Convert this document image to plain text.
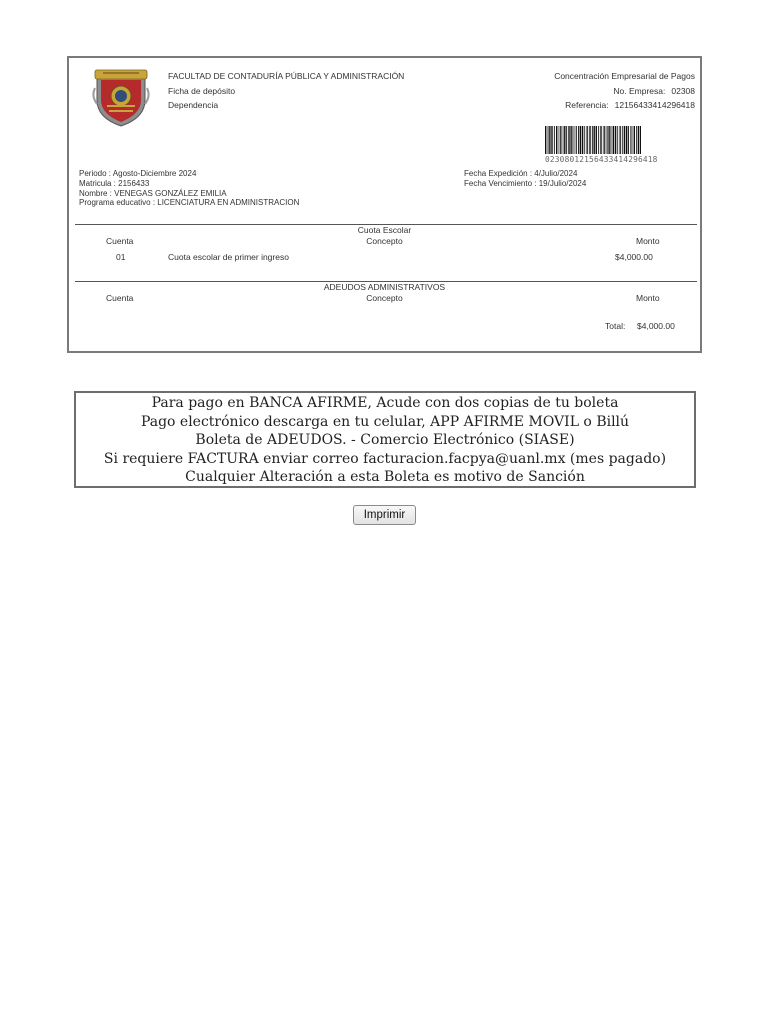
FACULTAD DE CONTADURÍA PÚBLICA Y ADMINISTRACIÓN
Ficha de depósito
Dependencia
Concentración Empresarial de Pagos
No. Empresa: 02308
Referencia: 12156433414296418
02308012156433414296418
Periodo : Agosto-Diciembre 2024
Matricula : 2156433
Nombre : VENEGAS GONZÁLEZ EMILIA
Programa educativo : LICENCIATURA EN ADMINISTRACION
Fecha Expedición : 4/Julio/2024
Fecha Vencimiento : 19/Julio/2024
Cuota Escolar
Cuenta	Concepto	Monto
01	Cuota escolar de primer ingreso	$4,000.00
ADEUDOS ADMINISTRATIVOS
Cuenta	Concepto	Monto
Total: $4,000.00
Para pago en BANCA AFIRME, Acude con dos copias de tu boleta
Pago electrónico descarga en tu celular, APP AFIRME MOVIL o Billú
Boleta de ADEUDOS. - Comercio Electrónico (SIASE)
Si requiere FACTURA enviar correo facturacion.facpya@uanl.mx (mes pagado)
Cualquier Alteración a esta Boleta es motivo de Sanción
Imprimir
